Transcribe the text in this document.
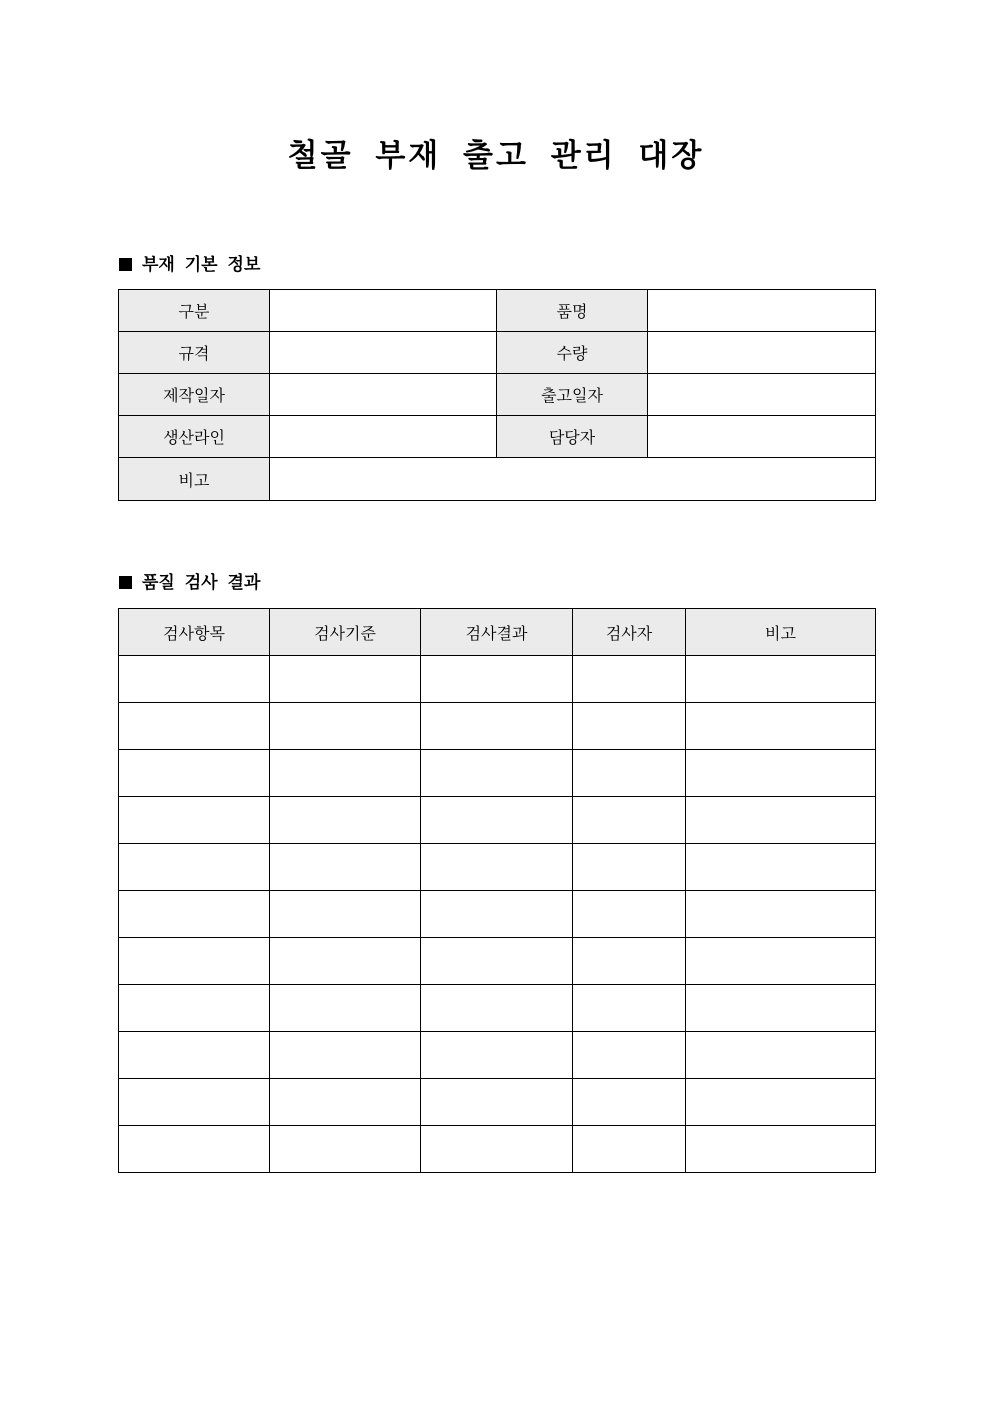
철골 부재 출고 관리 대장
부재 기본 정보
구분		품명	
규격		수량	
제작일자		출고일자	
생산라인		담당자	
비고			
품질 검사 결과
검사항목	검사기준	검사결과	검사자	비고
